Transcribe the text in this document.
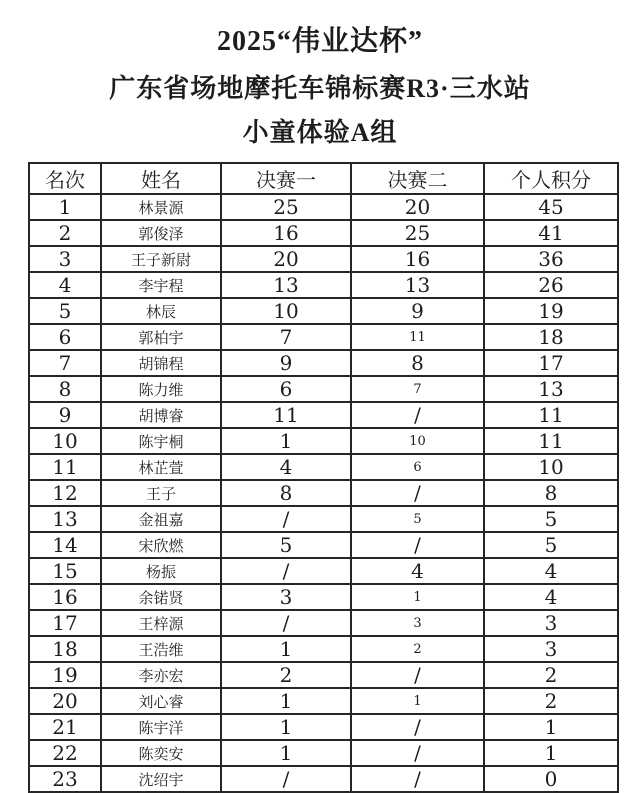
2025“伟业达杯”
广东省场地摩托车锦标赛R3·三水站
小童体验A组
名次	姓名	决赛一	决赛二	个人积分
1	林景源	25	20	45
2	郭俊泽	16	25	41
3	王子新尉	20	16	36
4	李宇程	13	13	26
5	林辰	10	9	19
6	郭柏宇	7	11	18
7	胡锦程	9	8	17
8	陈力维	6	7	13
9	胡博睿	11	/	11
10	陈宇桐	1	10	11
11	林芷萱	4	6	10
12	王子	8	/	8
13	金祖嘉	/	5	5
14	宋欣燃	5	/	5
15	杨振	/	4	4
16	余锘贤	3	1	4
17	王梓源	/	3	3
18	王浩维	1	2	3
19	李亦宏	2	/	2
20	刘心睿	1	1	2
21	陈宇洋	1	/	1
22	陈奕安	1	/	1
23	沈绍宇	/	/	0
